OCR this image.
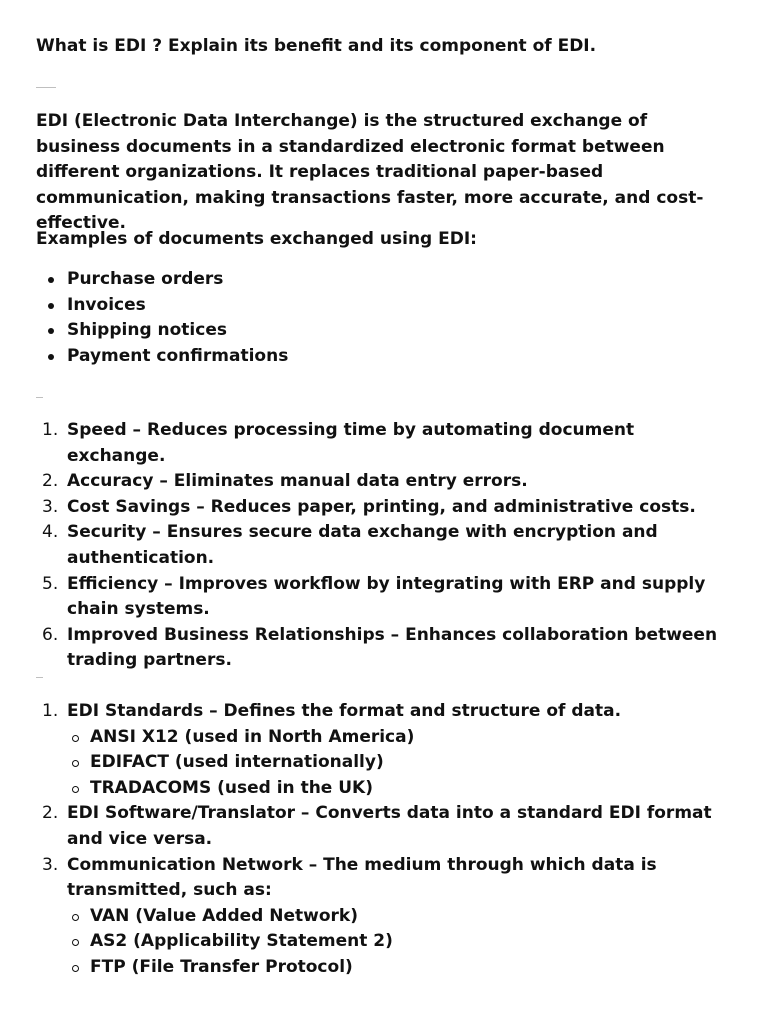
What is EDI ? Explain its benefit and its component of EDI.

EDI (Electronic Data Interchange) is the structured exchange of business documents in a standardized electronic format between different organizations. It replaces traditional paper-based communication, making transactions faster, more accurate, and cost-effective.

Examples of documents exchanged using EDI:

Purchase orders
Invoices
Shipping notices
Payment confirmations
1. Speed – Reduces processing time by automating document exchange.
2. Accuracy – Eliminates manual data entry errors.
3. Cost Savings – Reduces paper, printing, and administrative costs.
4. Security – Ensures secure data exchange with encryption and authentication.
5. Efficiency – Improves workflow by integrating with ERP and supply chain systems.
6. Improved Business Relationships – Enhances collaboration between trading partners.
1. EDI Standards – Defines the format and structure of data.
ANSI X12 (used in North America)
EDIFACT (used internationally)
TRADACOMS (used in the UK)
2. EDI Software/Translator – Converts data into a standard EDI format and vice versa.
3. Communication Network – The medium through which data is transmitted, such as:
VAN (Value Added Network)
AS2 (Applicability Statement 2)
FTP (File Transfer Protocol)
